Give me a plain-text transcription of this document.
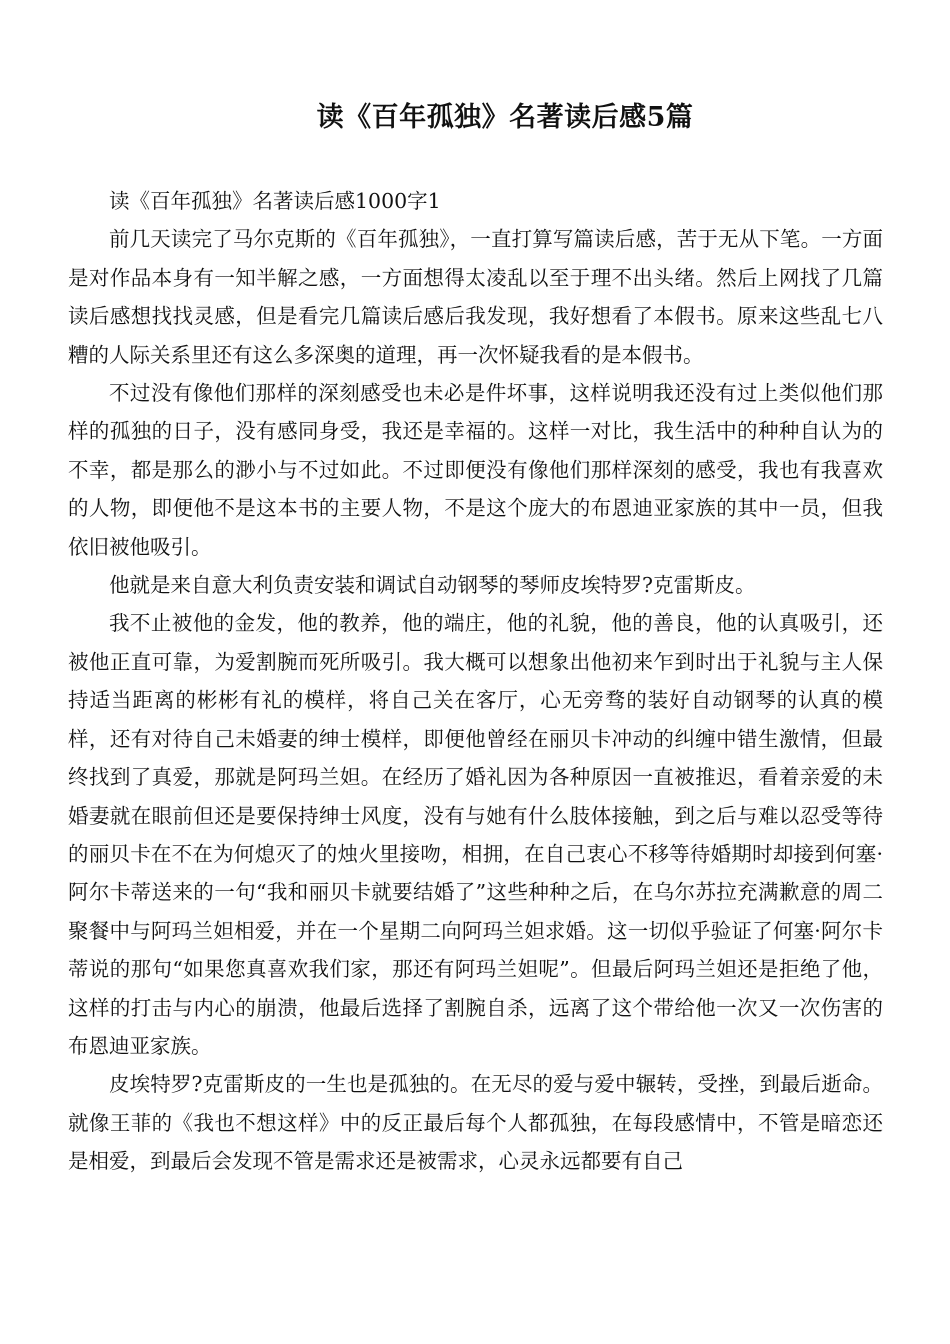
读《百年孤独》名著读后感5篇

读《百年孤独》名著读后感1000字1

前几天读完了马尔克斯的《百年孤独》，一直打算写篇读后感，苦于无从下笔。一方面是对作品本身有一知半解之感，一方面想得太凌乱以至于理不出头绪。然后上网找了几篇读后感想找找灵感，但是看完几篇读后感后我发现，我好想看了本假书。原来这些乱七八糟的人际关系里还有这么多深奥的道理，再一次怀疑我看的是本假书。

不过没有像他们那样的深刻感受也未必是件坏事，这样说明我还没有过上类似他们那样的孤独的日子，没有感同身受，我还是幸福的。这样一对比，我生活中的种种自认为的不幸，都是那么的渺小与不过如此。不过即便没有像他们那样深刻的感受，我也有我喜欢的人物，即便他不是这本书的主要人物，不是这个庞大的布恩迪亚家族的其中一员，但我依旧被他吸引。

他就是来自意大利负责安装和调试自动钢琴的琴师皮埃特罗?克雷斯皮。

我不止被他的金发，他的教养，他的端庄，他的礼貌，他的善良，他的认真吸引，还被他正直可靠，为爱割腕而死所吸引。我大概可以想象出他初来乍到时出于礼貌与主人保持适当距离的彬彬有礼的模样，将自己关在客厅，心无旁骛的装好自动钢琴的认真的模样，还有对待自己未婚妻的绅士模样，即便他曾经在丽贝卡冲动的纠缠中错生激情，但最终找到了真爱，那就是阿玛兰妲。在经历了婚礼因为各种原因一直被推迟，看着亲爱的未婚妻就在眼前但还是要保持绅士风度，没有与她有什么肢体接触，到之后与难以忍受等待的丽贝卡在不在为何熄灭了的烛火里接吻，相拥，在自己衷心不移等待婚期时却接到何塞·阿尔卡蒂送来的一句“我和丽贝卡就要结婚了”这些种种之后，在乌尔苏拉充满歉意的周二聚餐中与阿玛兰妲相爱，并在一个星期二向阿玛兰妲求婚。这一切似乎验证了何塞·阿尔卡蒂说的那句“如果您真喜欢我们家，那还有阿玛兰妲呢”。但最后阿玛兰妲还是拒绝了他，这样的打击与内心的崩溃，他最后选择了割腕自杀，远离了这个带给他一次又一次伤害的布恩迪亚家族。

皮埃特罗?克雷斯皮的一生也是孤独的。在无尽的爱与爱中辗转，受挫，到最后逝命。就像王菲的《我也不想这样》中的反正最后每个人都孤独，在每段感情中，不管是暗恋还是相爱，到最后会发现不管是需求还是被需求，心灵永远都要有自己
